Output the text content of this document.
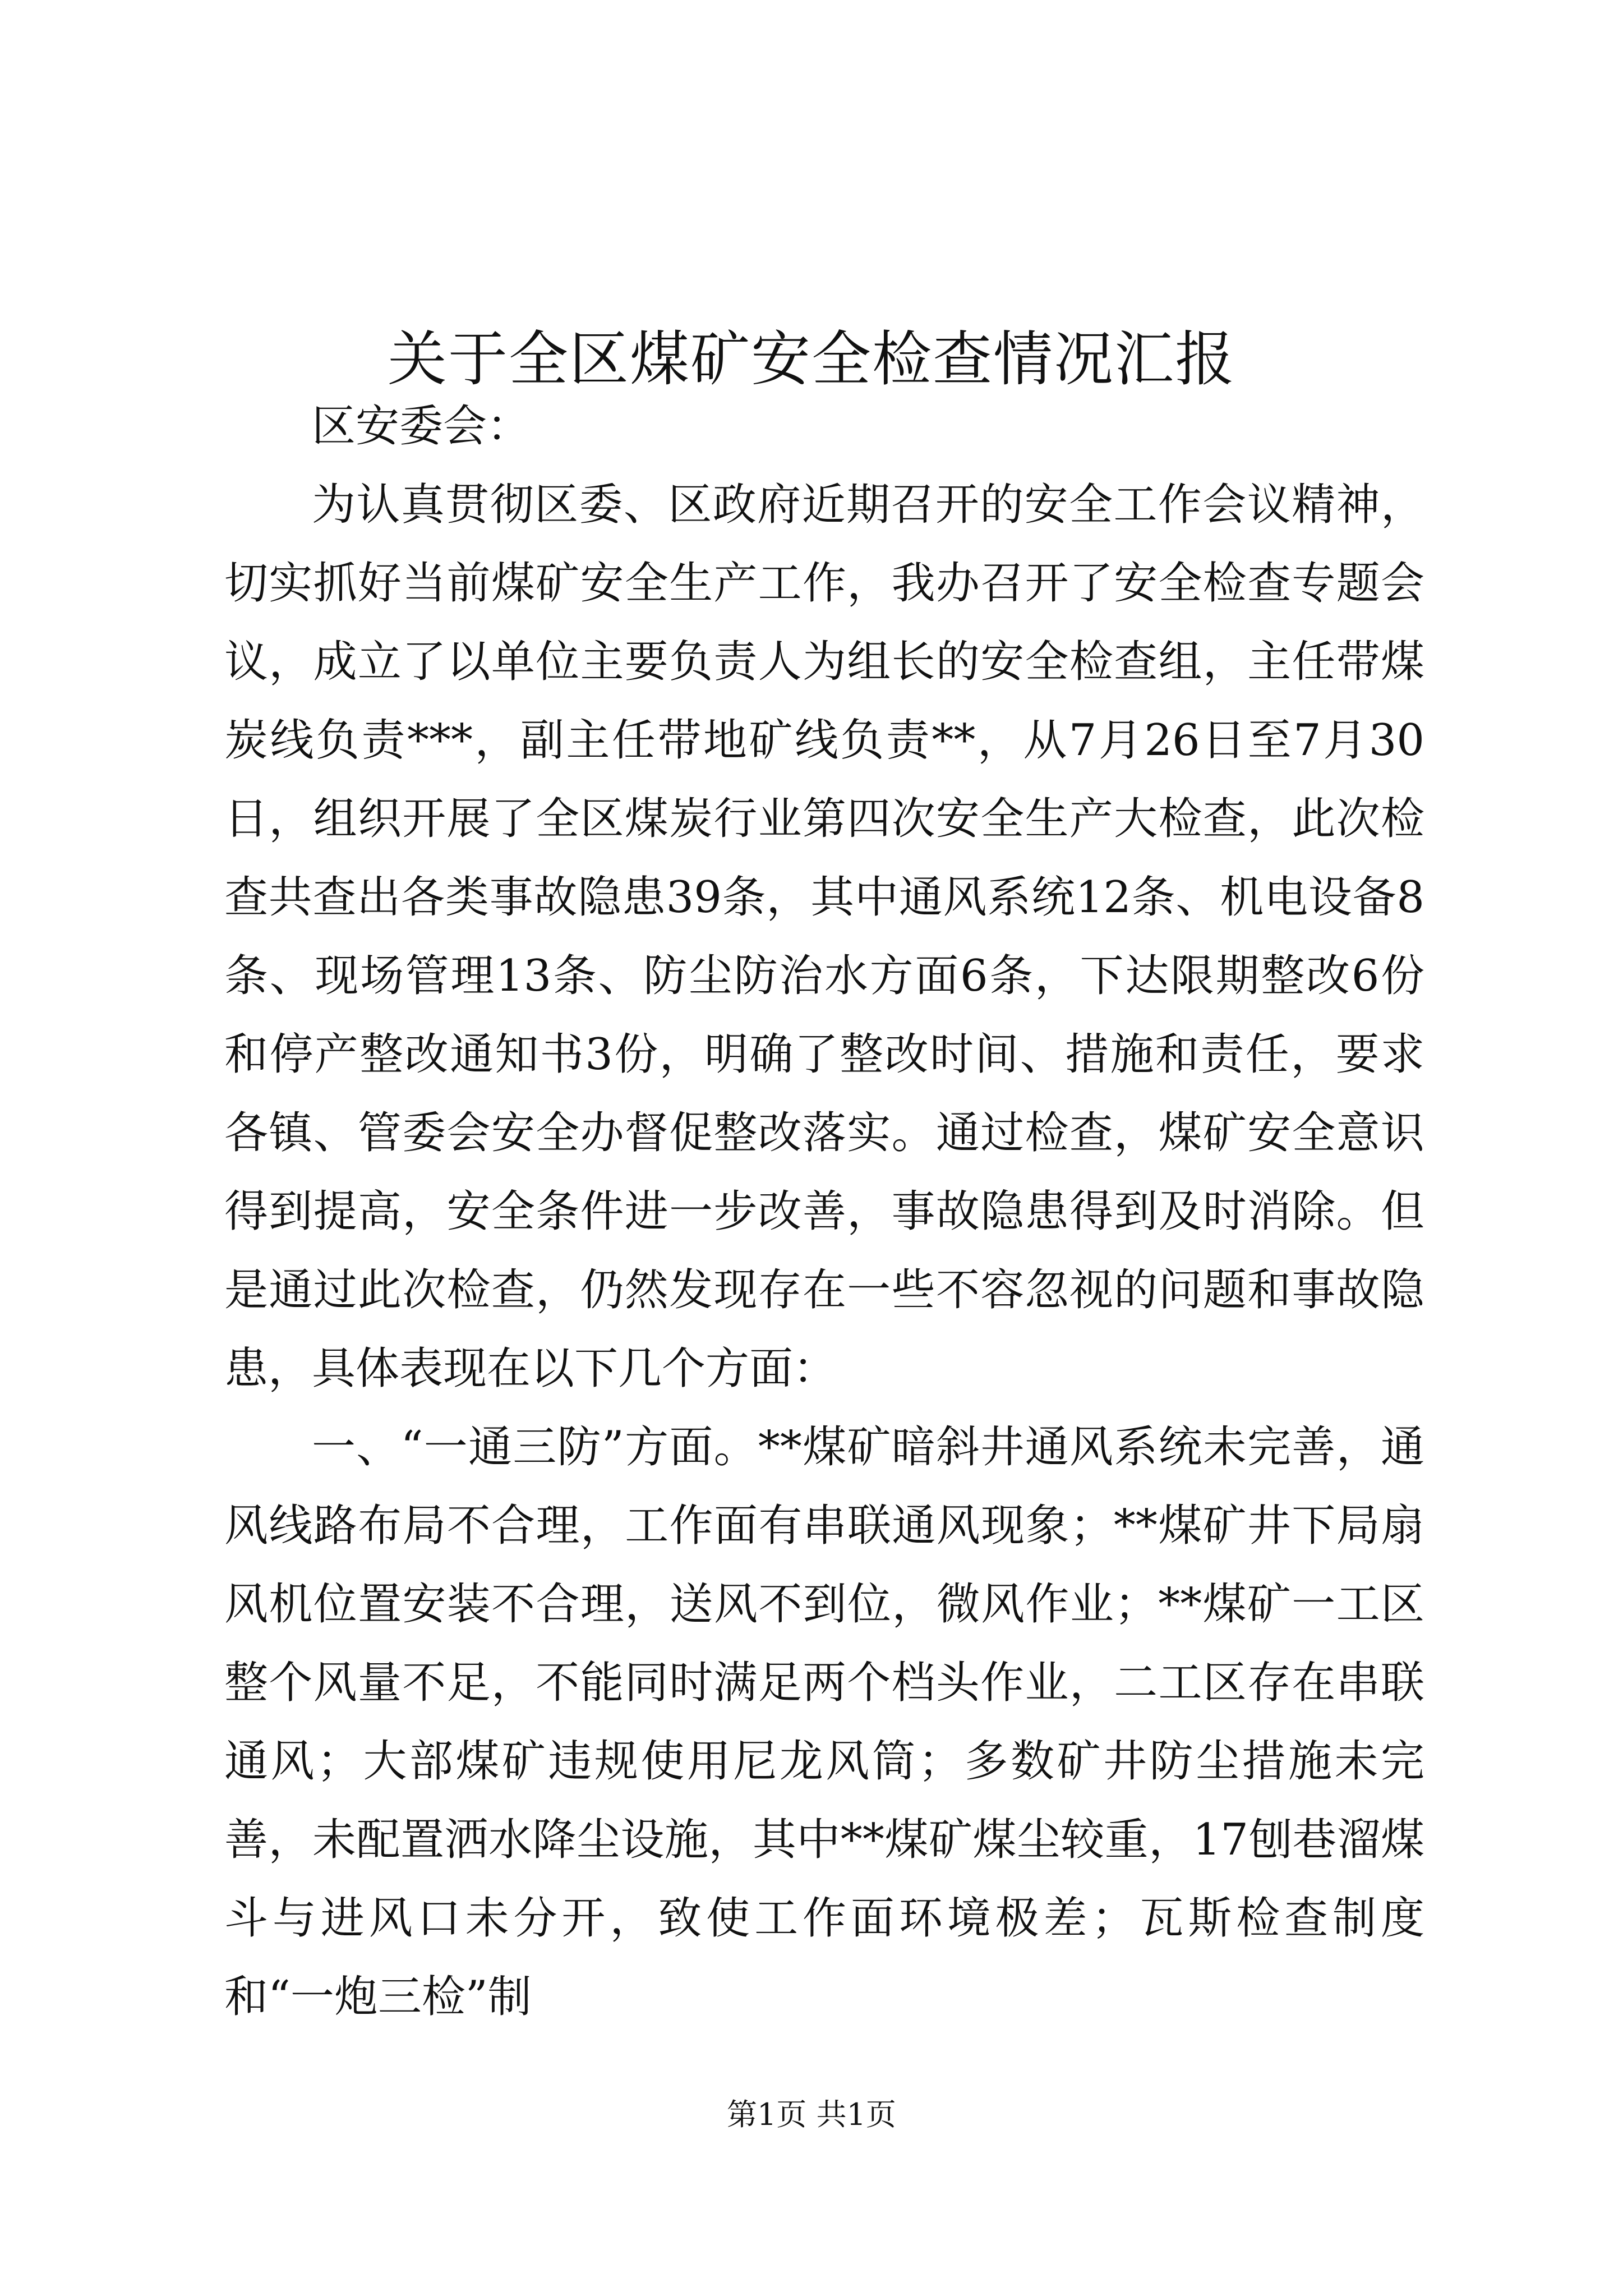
关于全区煤矿安全检查情况汇报

区安委会：

为认真贯彻区委、区政府近期召开的安全工作会议精神，切实抓好当前煤矿安全生产工作，我办召开了安全检查专题会议，成立了以单位主要负责人为组长的安全检查组，主任带煤炭线负责***，副主任带地矿线负责**，从7月26日至7月30日，组织开展了全区煤炭行业第四次安全生产大检查，此次检查共查出各类事故隐患39条，其中通风系统12条、机电设备8条、现场管理13条、防尘防治水方面6条，下达限期整改6份和停产整改通知书3份，明确了整改时间、措施和责任，要求各镇、管委会安全办督促整改落实。通过检查，煤矿安全意识得到提高，安全条件进一步改善，事故隐患得到及时消除。但是通过此次检查，仍然发现存在一些不容忽视的问题和事故隐患，具体表现在以下几个方面：

一、“一通三防”方面。**煤矿暗斜井通风系统未完善，通风线路布局不合理，工作面有串联通风现象；**煤矿井下局扇风机位置安装不合理，送风不到位，微风作业；**煤矿一工区整个风量不足，不能同时满足两个档头作业，二工区存在串联通风；大部煤矿违规使用尼龙风筒；多数矿井防尘措施未完善，未配置洒水降尘设施，其中**煤矿煤尘较重，17刨巷溜煤斗与进风口未分开，致使工作面环境极差；瓦斯检查制度和“一炮三检”制

第1页 共1页
